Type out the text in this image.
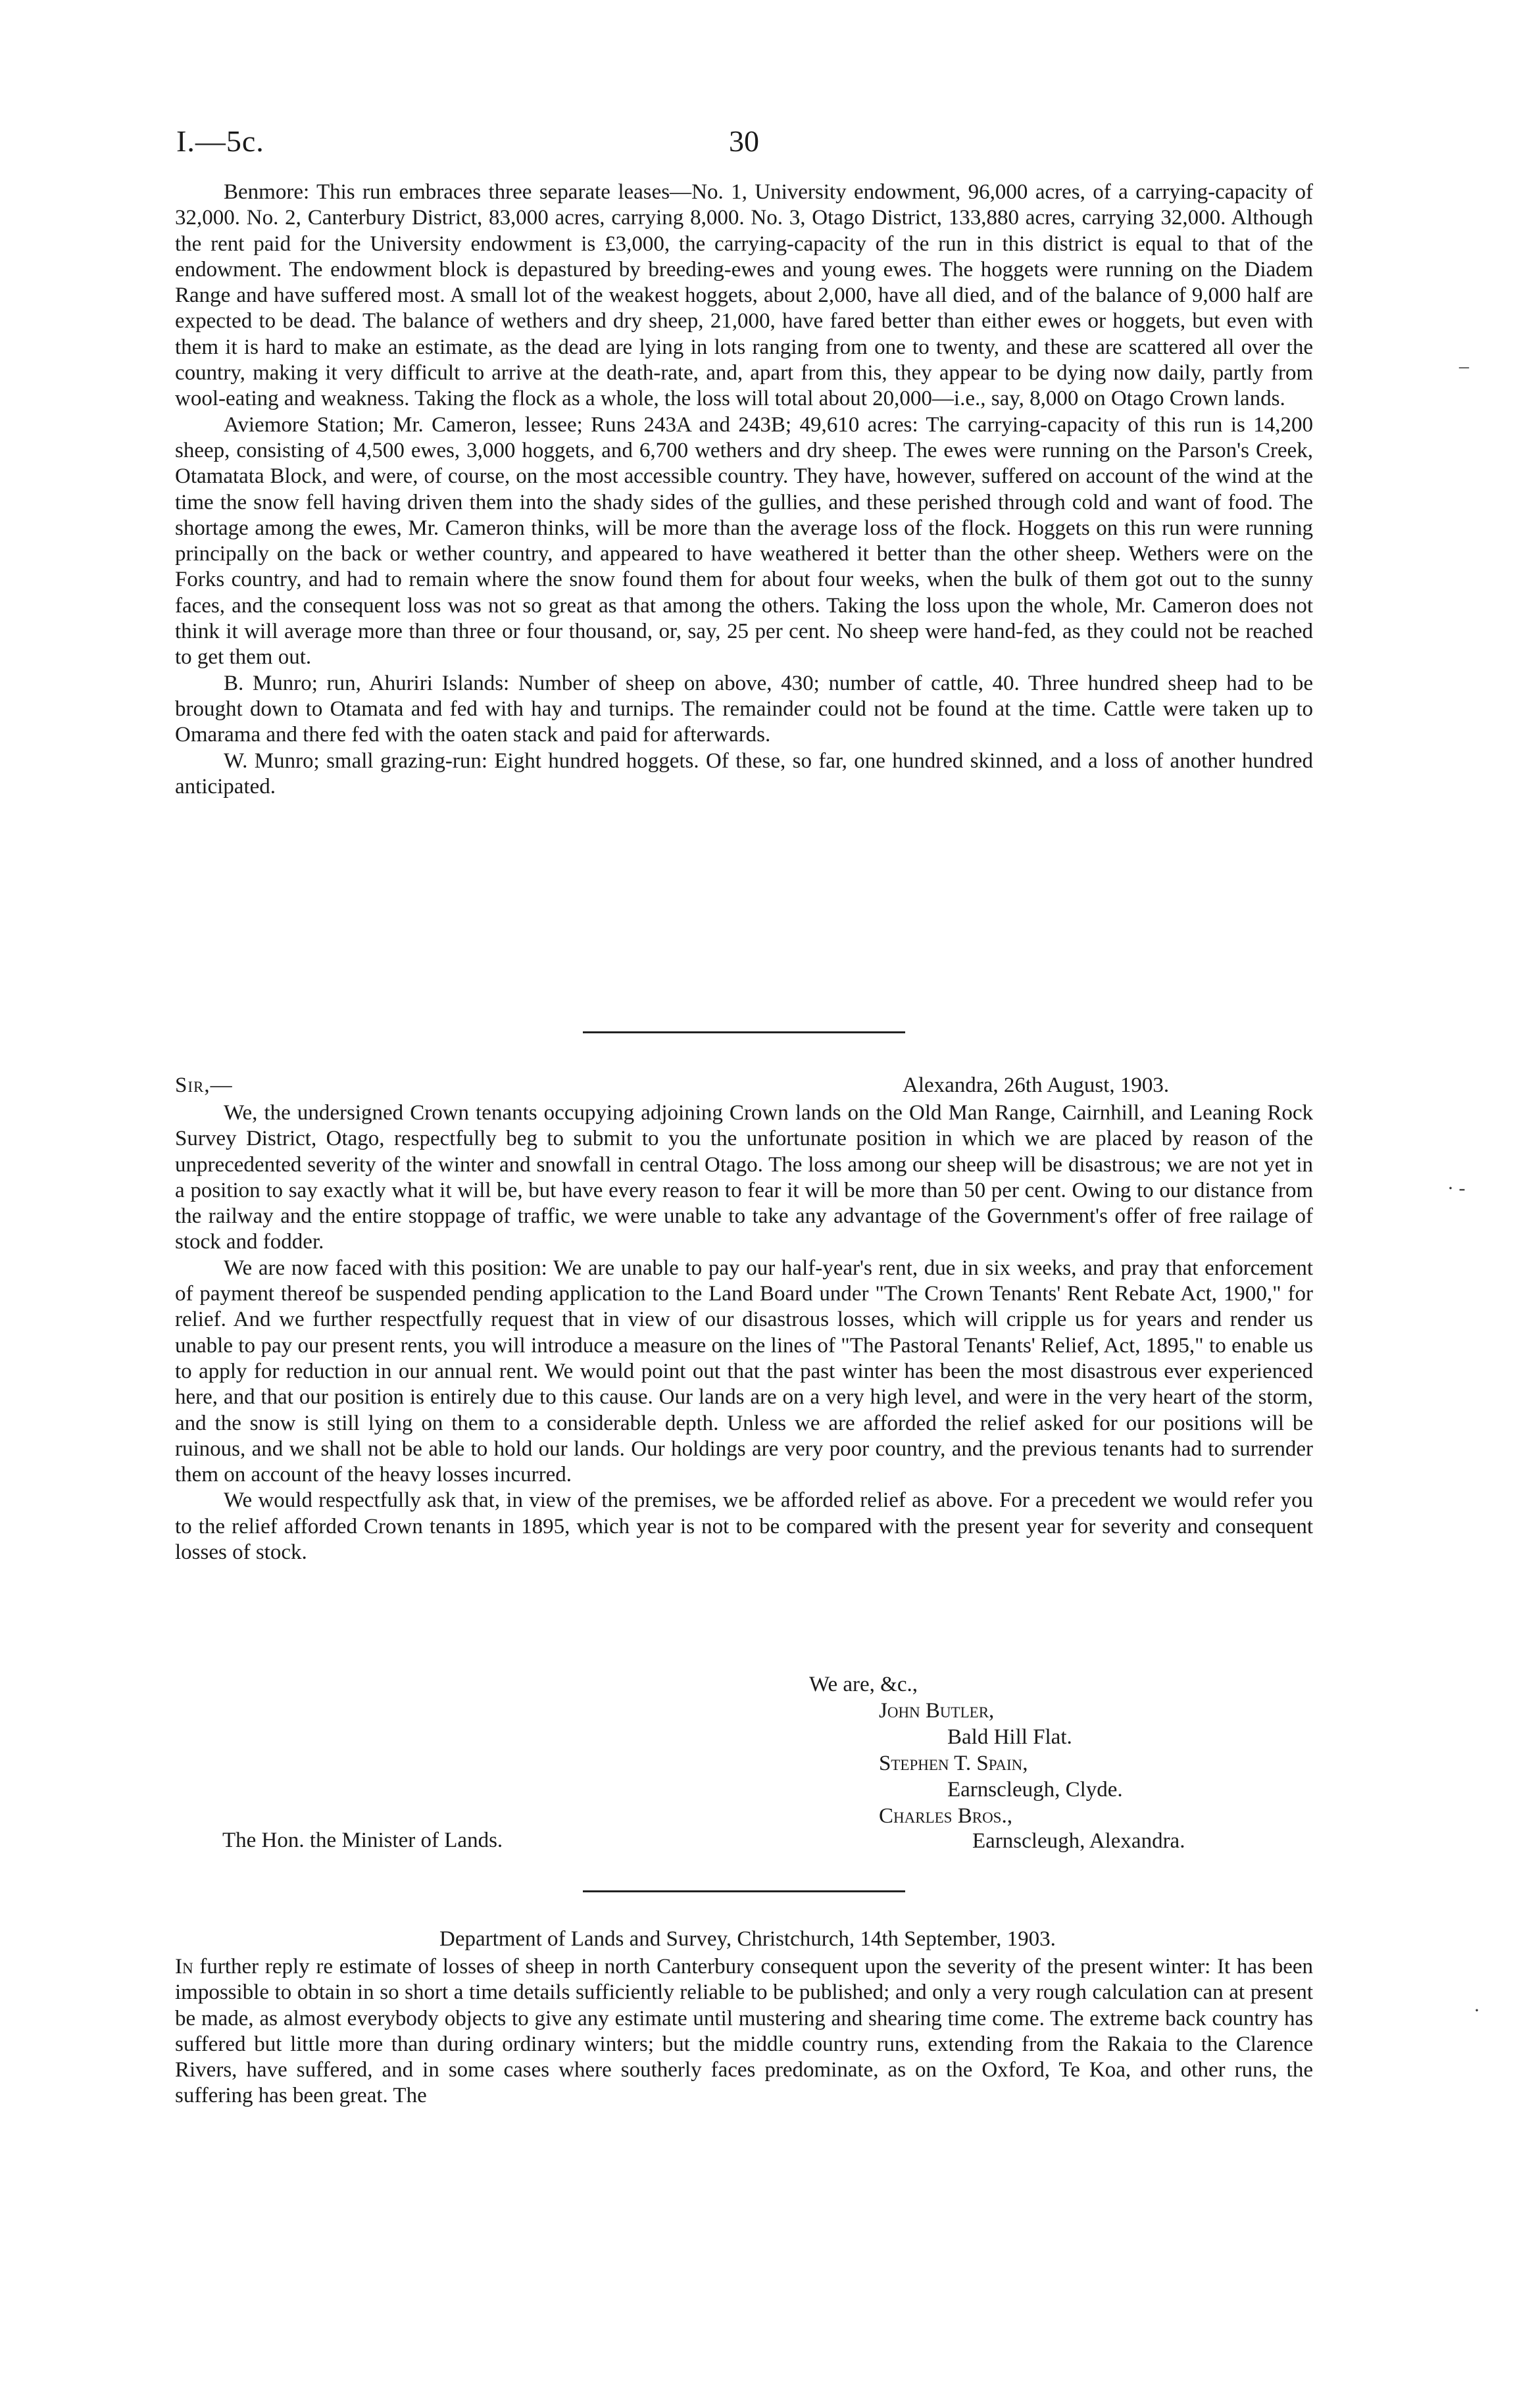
I.—5c.	30

Benmore: This run embraces three separate leases—No. 1, University endowment, 96,000 acres, of a carrying-capacity of 32,000. No. 2, Canterbury District, 83,000 acres, carrying 8,000. No. 3, Otago District, 133,880 acres, carrying 32,000. Although the rent paid for the University endowment is £3,000, the carrying-capacity of the run in this district is equal to that of the endowment. The endowment block is depastured by breeding-ewes and young ewes. The hoggets were running on the Diadem Range and have suffered most. A small lot of the weakest hoggets, about 2,000, have all died, and of the balance of 9,000 half are expected to be dead. The balance of wethers and dry sheep, 21,000, have fared better than either ewes or hoggets, but even with them it is hard to make an estimate, as the dead are lying in lots ranging from one to twenty, and these are scattered all over the country, making it very difficult to arrive at the death-rate, and, apart from this, they appear to be dying now daily, partly from wool-eating and weakness. Taking the flock as a whole, the loss will total about 20,000—i.e., say, 8,000 on Otago Crown lands.

Aviemore Station; Mr. Cameron, lessee; Runs 243A and 243B; 49,610 acres: The carrying-capacity of this run is 14,200 sheep, consisting of 4,500 ewes, 3,000 hoggets, and 6,700 wethers and dry sheep. The ewes were running on the Parson's Creek, Otamatata Block, and were, of course, on the most accessible country. They have, however, suffered on account of the wind at the time the snow fell having driven them into the shady sides of the gullies, and these perished through cold and want of food. The shortage among the ewes, Mr. Cameron thinks, will be more than the average loss of the flock. Hoggets on this run were running principally on the back or wether country, and appeared to have weathered it better than the other sheep. Wethers were on the Forks country, and had to remain where the snow found them for about four weeks, when the bulk of them got out to the sunny faces, and the consequent loss was not so great as that among the others. Taking the loss upon the whole, Mr. Cameron does not think it will average more than three or four thousand, or, say, 25 per cent. No sheep were hand-fed, as they could not be reached to get them out.

B. Munro; run, Ahuriri Islands: Number of sheep on above, 430; number of cattle, 40. Three hundred sheep had to be brought down to Otamata and fed with hay and turnips. The remainder could not be found at the time. Cattle were taken up to Omarama and there fed with the oaten stack and paid for afterwards.

W. Munro; small grazing-run: Eight hundred hoggets. Of these, so far, one hundred skinned, and a loss of another hundred anticipated.

Sir,—	Alexandra, 26th August, 1903.

We, the undersigned Crown tenants occupying adjoining Crown lands on the Old Man Range, Cairnhill, and Leaning Rock Survey District, Otago, respectfully beg to submit to you the unfortunate position in which we are placed by reason of the unprecedented severity of the winter and snowfall in central Otago. The loss among our sheep will be disastrous; we are not yet in a position to say exactly what it will be, but have every reason to fear it will be more than 50 per cent. Owing to our distance from the railway and the entire stoppage of traffic, we were unable to take any advantage of the Government's offer of free railage of stock and fodder.

We are now faced with this position: We are unable to pay our half-year's rent, due in six weeks, and pray that enforcement of payment thereof be suspended pending application to the Land Board under "The Crown Tenants' Rent Rebate Act, 1900," for relief. And we further respectfully request that in view of our disastrous losses, which will cripple us for years and render us unable to pay our present rents, you will introduce a measure on the lines of "The Pastoral Tenants' Relief, Act, 1895," to enable us to apply for reduction in our annual rent. We would point out that the past winter has been the most disastrous ever experienced here, and that our position is entirely due to this cause. Our lands are on a very high level, and were in the very heart of the storm, and the snow is still lying on them to a considerable depth. Unless we are afforded the relief asked for our positions will be ruinous, and we shall not be able to hold our lands. Our holdings are very poor country, and the previous tenants had to surrender them on account of the heavy losses incurred.

We would respectfully ask that, in view of the premises, we be afforded relief as above. For a precedent we would refer you to the relief afforded Crown tenants in 1895, which year is not to be compared with the present year for severity and consequent losses of stock.

We are, &c.,
John Butler,
Bald Hill Flat.
Stephen T. Spain,
Earnscleugh, Clyde.
Charles Bros.,
Earnscleugh, Alexandra.
The Hon. the Minister of Lands.
Department of Lands and Survey, Christchurch, 14th September, 1903.

In further reply re estimate of losses of sheep in north Canterbury consequent upon the severity of the present winter: It has been impossible to obtain in so short a time details sufficiently reliable to be published; and only a very rough calculation can at present be made, as almost everybody objects to give any estimate until mustering and shearing time come. The extreme back country has suffered but little more than during ordinary winters; but the middle country runs, extending from the Rakaia to the Clarence Rivers, have suffered, and in some cases where southerly faces predominate, as on the Oxford, Te Koa, and other runs, the suffering has been great. The

–
· -
·
